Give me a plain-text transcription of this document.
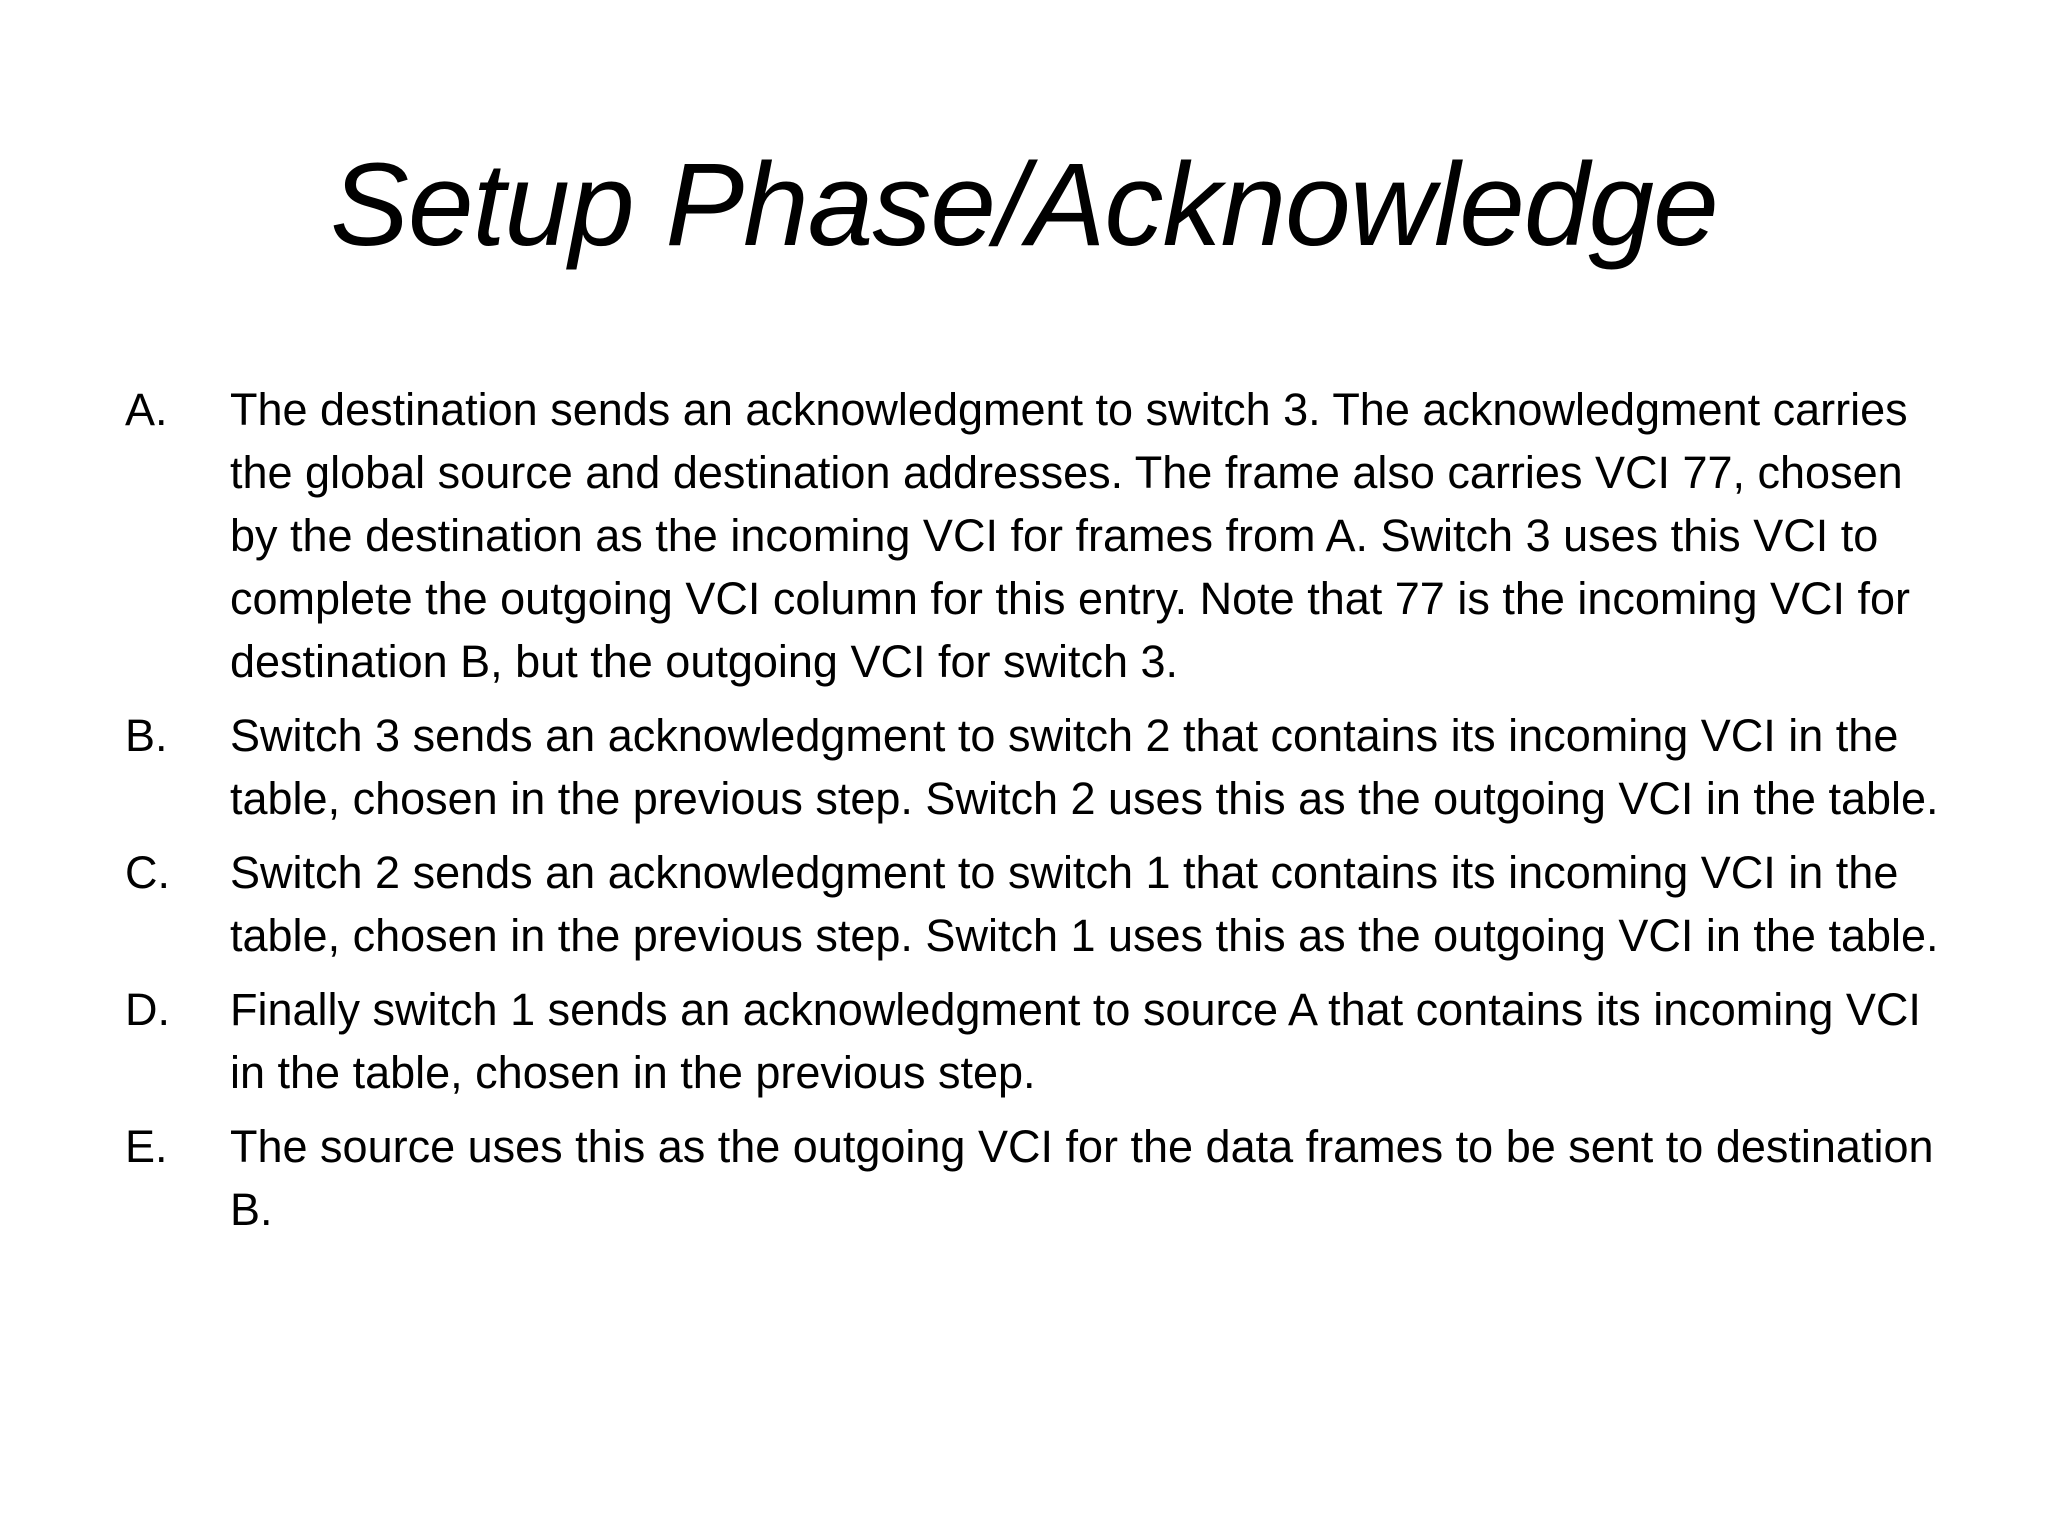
Setup Phase/Acknowledge
A. The destination sends an acknowledgment to switch 3. The acknowledgment carries the global source and destination addresses. The frame also carries VCI 77, chosen by the destination as the incoming VCI for frames from A. Switch 3 uses this VCI to complete the outgoing VCI column for this entry. Note that 77 is the incoming VCI for destination B, but the outgoing VCI for switch 3.
B. Switch 3 sends an acknowledgment to switch 2 that contains its incoming VCI in the table, chosen in the previous step. Switch 2 uses this as the outgoing VCI in the table.
C. Switch 2 sends an acknowledgment to switch 1 that contains its incoming VCI in the table, chosen in the previous step. Switch 1 uses this as the outgoing VCI in the table.
D. Finally switch 1 sends an acknowledgment to source A that contains its incoming VCI in the table, chosen in the previous step.
E. The source uses this as the outgoing VCI for the data frames to be sent to destination B.
